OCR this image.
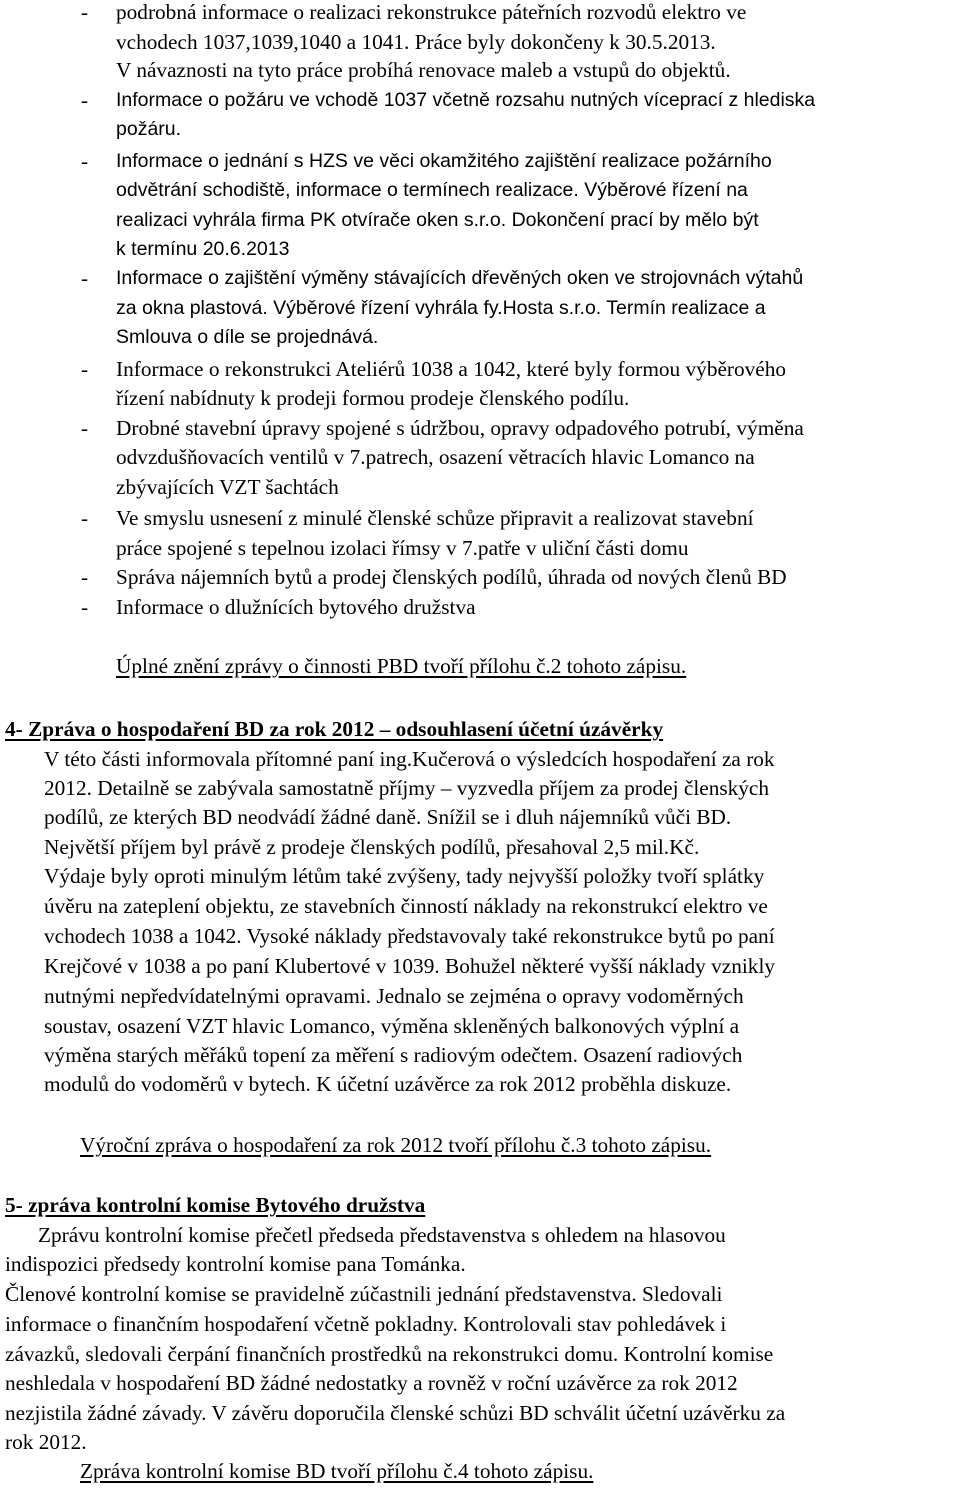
- podrobná informace o realizaci rekonstrukce páteřních rozvodů elektro ve
vchodech 1037,1039,1040 a 1041. Práce byly dokončeny k 30.5.2013.
V návaznosti na tyto práce probíhá renovace maleb a vstupů do objektů.
- Informace o požáru ve vchodě 1037 včetně rozsahu nutných víceprací z hlediska
požáru.
- Informace o jednání s HZS ve věci okamžitého zajištění realizace požárního
odvětrání schodiště, informace o termínech realizace. Výběrové řízení na
realizaci vyhrála firma PK otvírače oken s.r.o. Dokončení prací by mělo být
k termínu 20.6.2013
- Informace o zajištění výměny stávajících dřevěných oken ve strojovnách výtahů
za okna plastová. Výběrové řízení vyhrála fy.Hosta s.r.o. Termín realizace a
Smlouva o díle se projednává.
- Informace o rekonstrukci Ateliérů 1038 a 1042, které byly formou výběrového
řízení nabídnuty k prodeji formou prodeje členského podílu.
- Drobné stavební úpravy spojené s údržbou, opravy odpadového potrubí, výměna
odvzdušňovacích ventilů v 7.patrech, osazení větracích hlavic Lomanco na
zbývajících VZT šachtách
- Ve smyslu usnesení z minulé členské schůze připravit a realizovat stavební
práce spojené s tepelnou izolaci římsy v 7.patře v uliční části domu
- Správa nájemních bytů a prodej členských podílů, úhrada od nových členů BD
- Informace o dlužnících bytového družstva
Úplné znění zprávy o činnosti PBD tvoří přílohu č.2 tohoto zápisu.
4- Zpráva o hospodaření BD za rok 2012 – odsouhlasení účetní úzávěrky
V této části informovala přítomné paní ing.Kučerová o výsledcích hospodaření za rok
2012. Detailně se zabývala samostatně příjmy – vyzvedla příjem za prodej členských
podílů, ze kterých BD neodvádí žádné daně. Snížil se i dluh nájemníků vůči BD.
Největší příjem byl právě z prodeje členských podílů, přesahoval 2,5 mil.Kč.
Výdaje byly oproti minulým létům také zvýšeny, tady nejvyšší položky tvoří splátky
úvěru na zateplení objektu, ze stavebních činností náklady na rekonstrukcí elektro ve
vchodech 1038 a 1042. Vysoké náklady představovaly také rekonstrukce bytů po paní
Krejčové v 1038 a po paní Klubertové v 1039. Bohužel některé vyšší náklady vznikly
nutnými nepředvídatelnými opravami. Jednalo se zejména o opravy vodoměrných
soustav, osazení VZT hlavic Lomanco, výměna skleněných balkonových výplní a
výměna starých měřáků topení za měření s radiovým odečtem. Osazení radiových
modulů do vodoměrů v bytech. K účetní uzávěrce za rok 2012 proběhla diskuze.
Výroční zpráva o hospodaření za rok 2012 tvoří přílohu č.3 tohoto zápisu.
5- zpráva kontrolní komise Bytového družstva
Zprávu kontrolní komise přečetl předseda představenstva s ohledem na hlasovou
indispozici předsedy kontrolní komise pana Tománka.
Členové kontrolní komise se pravidelně zúčastnili jednání představenstva. Sledovali
informace o finančním hospodaření včetně pokladny. Kontrolovali stav pohledávek i
závazků, sledovali čerpání finančních prostředků na rekonstrukci domu. Kontrolní komise
neshledala v hospodaření BD žádné nedostatky a rovněž v roční uzávěrce za rok 2012
nezjistila žádné závady. V závěru doporučila členské schůzi BD schválit účetní uzávěrku za
rok 2012.
Zpráva kontrolní komise BD tvoří přílohu č.4 tohoto zápisu.
